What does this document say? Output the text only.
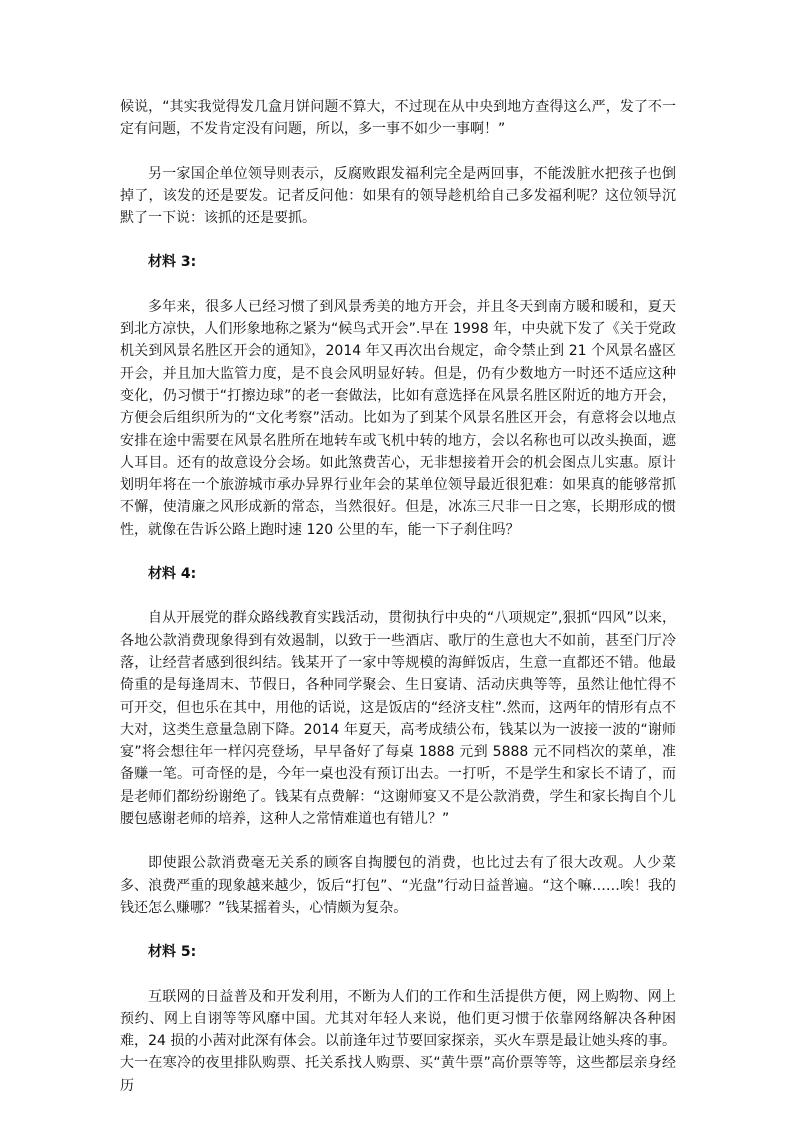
候说，“其实我觉得发几盒月饼问题不算大，不过现在从中央到地方查得这么严，发了不一定有问题，不发肯定没有问题，所以，多一事不如少一事啊！”

另一家国企单位领导则表示，反腐败跟发福利完全是两回事，不能泼脏水把孩子也倒掉了，该发的还是要发。记者反问他：如果有的领导趁机给自己多发福利呢？这位领导沉默了一下说：该抓的还是要抓。

材料 3:

多年来，很多人已经习惯了到风景秀美的地方开会，并且冬天到南方暖和暖和，夏天到北方凉快，人们形象地称之紧为“候鸟式开会”.早在 1998 年，中央就下发了《关于党政机关到风景名胜区开会的通知》，2014 年又再次出台规定，命令禁止到 21 个风景名盛区开会，并且加大监管力度，是不良会风明显好转。但是，仍有少数地方一时还不适应这种变化，仍习惯于“打擦边球”的老一套做法，比如有意选择在风景名胜区附近的地方开会，方便会后组织所为的“文化考察”活动。比如为了到某个风景名胜区开会，有意将会以地点安排在途中需要在风景名胜所在地转车或飞机中转的地方，会以名称也可以改头换面，遮人耳目。还有的故意设分会场。如此煞费苦心，无非想接着开会的机会图点儿实惠。原计划明年将在一个旅游城市承办异界行业年会的某单位领导最近很犯难：如果真的能够常抓不懈，使清廉之风形成新的常态，当然很好。但是，冰冻三尺非一日之寒，长期形成的惯性，就像在告诉公路上跑时速 120 公里的车，能一下子刹住吗？

材料 4:

自从开展党的群众路线教育实践活动，贯彻执行中央的“八项规定”,狠抓“四风”以来，各地公款消费现象得到有效遏制，以致于一些酒店、歌厅的生意也大不如前，甚至门厅冷落，让经营者感到很纠结。钱某开了一家中等规模的海鲜饭店，生意一直都还不错。他最倚重的是每逢周末、节假日，各种同学聚会、生日宴请、活动庆典等等，虽然让他忙得不可开交，但也乐在其中，用他的话说，这是饭店的“经济支柱”.然而，这两年的情形有点不大对，这类生意量急剧下降。2014 年夏天，高考成绩公布，钱某以为一波接一波的“谢师宴”将会想往年一样闪亮登场，早早备好了每桌 1888 元到 5888 元不同档次的菜单，准备赚一笔。可奇怪的是，今年一桌也没有预订出去。一打听，不是学生和家长不请了，而是老师们都纷纷谢绝了。钱某有点费解：“这谢师宴又不是公款消费，学生和家长掏自个儿腰包感谢老师的培养，这种人之常情难道也有错儿？”

即使跟公款消费毫无关系的顾客自掏腰包的消费，也比过去有了很大改观。人少菜多、浪费严重的现象越来越少，饭后“打包”、“光盘”行动日益普遍。“这个嘛……唉！我的钱还怎么赚哪？”钱某摇着头，心情颇为复杂。

材料 5:

互联网的日益普及和开发利用，不断为人们的工作和生活提供方便，网上购物、网上预约、网上自诩等等风靡中国。尤其对年轻人来说，他们更习惯于依靠网络解决各种困难，24 损的小茜对此深有体会。以前逢年过节要回家探亲，买火车票是最让她头疼的事。大一在寒冷的夜里排队购票、托关系找人购票、买“黄牛票”高价票等等，这些都层亲身经历
